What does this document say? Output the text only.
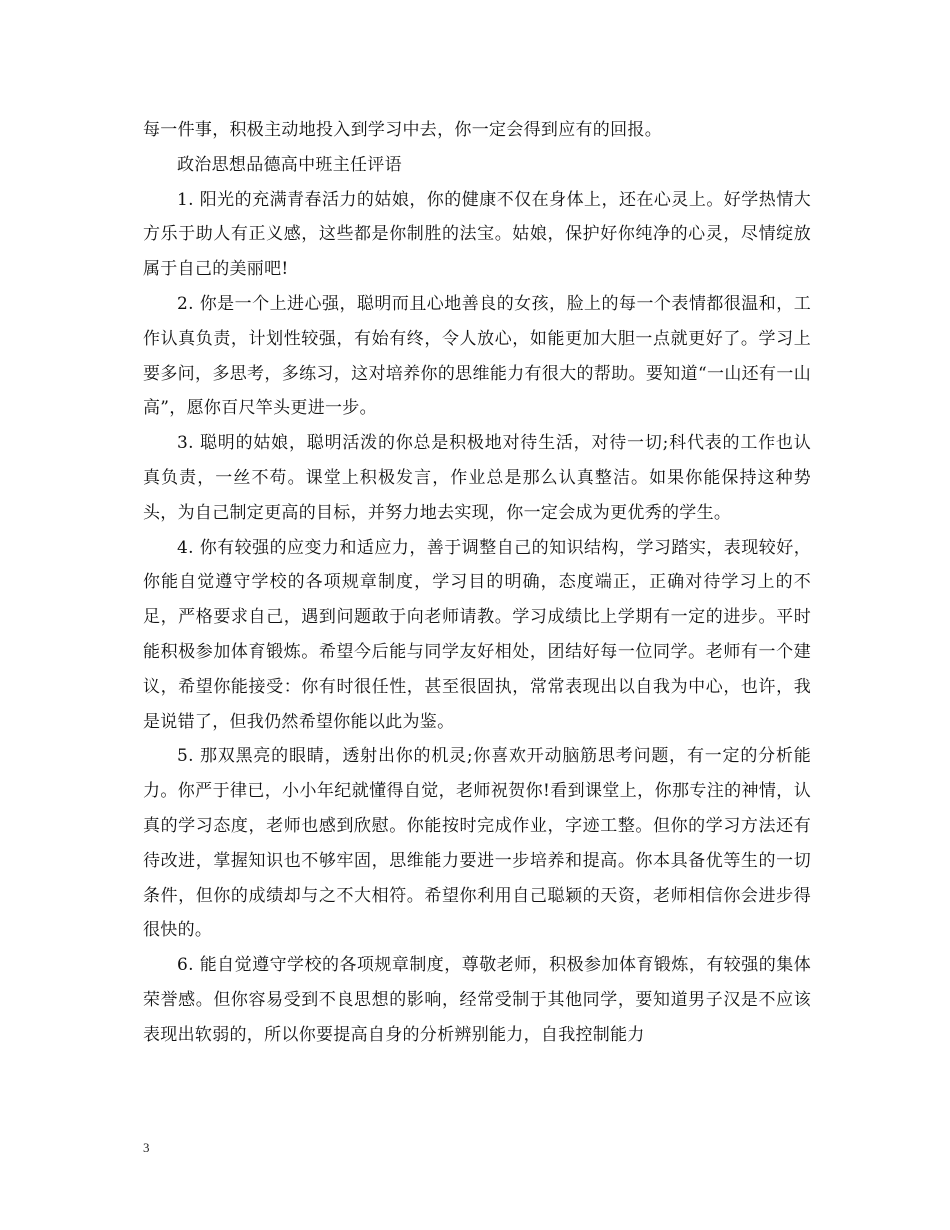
每一件事，积极主动地投入到学习中去，你一定会得到应有的回报。

政治思想品德高中班主任评语

1. 阳光的充满青春活力的姑娘，你的健康不仅在身体上，还在心灵上。好学热情大方乐于助人有正义感，这些都是你制胜的法宝。姑娘，保护好你纯净的心灵，尽情绽放属于自己的美丽吧!

2. 你是一个上进心强，聪明而且心地善良的女孩，脸上的每一个表情都很温和，工作认真负责，计划性较强，有始有终，令人放心，如能更加大胆一点就更好了。学习上要多问，多思考，多练习，这对培养你的思维能力有很大的帮助。要知道“一山还有一山高”，愿你百尺竿头更进一步。

3. 聪明的姑娘，聪明活泼的你总是积极地对待生活，对待一切;科代表的工作也认真负责，一丝不苟。课堂上积极发言，作业总是那么认真整洁。如果你能保持这种势头，为自己制定更高的目标，并努力地去实现，你一定会成为更优秀的学生。

4. 你有较强的应变力和适应力，善于调整自己的知识结构，学习踏实，表现较好，你能自觉遵守学校的各项规章制度，学习目的明确，态度端正，正确对待学习上的不足，严格要求自己，遇到问题敢于向老师请教。学习成绩比上学期有一定的进步。平时能积极参加体育锻炼。希望今后能与同学友好相处，团结好每一位同学。老师有一个建议，希望你能接受：你有时很任性，甚至很固执，常常表现出以自我为中心，也许，我是说错了，但我仍然希望你能以此为鉴。

5. 那双黑亮的眼睛，透射出你的机灵;你喜欢开动脑筋思考问题，有一定的分析能力。你严于律已，小小年纪就懂得自觉，老师祝贺你!看到课堂上，你那专注的神情，认真的学习态度，老师也感到欣慰。你能按时完成作业，字迹工整。但你的学习方法还有待改进，掌握知识也不够牢固，思维能力要进一步培养和提高。你本具备优等生的一切条件，但你的成绩却与之不大相符。希望你利用自己聪颖的天资，老师相信你会进步得很快的。

6. 能自觉遵守学校的各项规章制度，尊敬老师，积极参加体育锻炼，有较强的集体荣誉感。但你容易受到不良思想的影响，经常受制于其他同学，要知道男子汉是不应该表现出软弱的，所以你要提高自身的分析辨别能力，自我控制能力

3
